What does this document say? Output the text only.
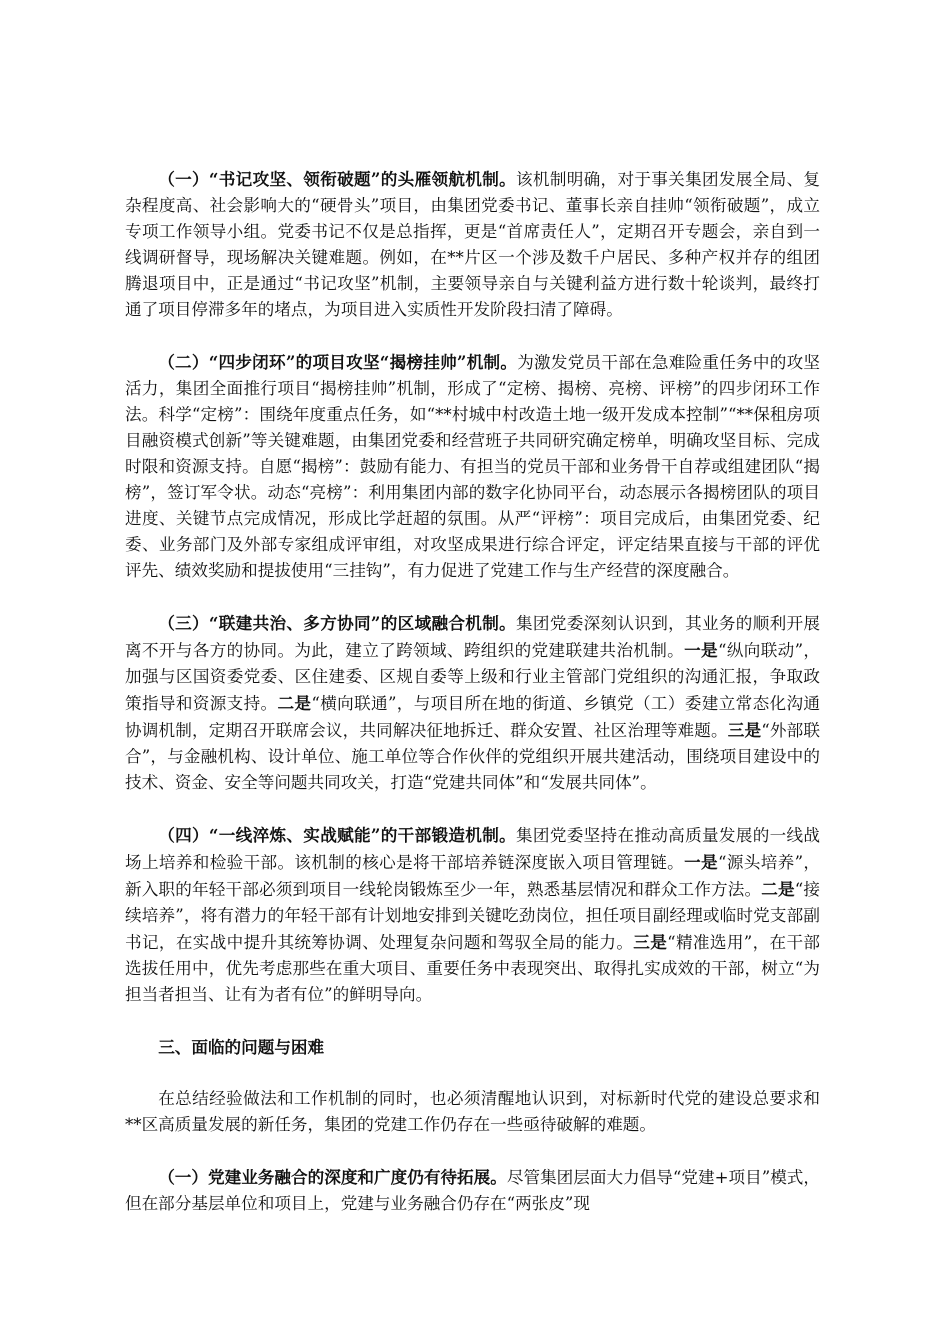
（一）“书记攻坚、领衔破题”的头雁领航机制。该机制明确，对于事关集团发展全局、复杂程度高、社会影响大的“硬骨头”项目，由集团党委书记、董事长亲自挂帅“领衔破题”，成立专项工作领导小组。党委书记不仅是总指挥，更是“首席责任人”，定期召开专题会，亲自到一线调研督导，现场解决关键难题。例如，在**片区一个涉及数千户居民、多种产权并存的组团腾退项目中，正是通过“书记攻坚”机制，主要领导亲自与关键利益方进行数十轮谈判，最终打通了项目停滞多年的堵点，为项目进入实质性开发阶段扫清了障碍。

（二）“四步闭环”的项目攻坚“揭榜挂帅”机制。为激发党员干部在急难险重任务中的攻坚活力，集团全面推行项目“揭榜挂帅”机制，形成了“定榜、揭榜、亮榜、评榜”的四步闭环工作法。科学“定榜”：围绕年度重点任务，如“**村城中村改造土地一级开发成本控制”“**保租房项目融资模式创新”等关键难题，由集团党委和经营班子共同研究确定榜单，明确攻坚目标、完成时限和资源支持。自愿“揭榜”：鼓励有能力、有担当的党员干部和业务骨干自荐或组建团队“揭榜”，签订军令状。动态“亮榜”：利用集团内部的数字化协同平台，动态展示各揭榜团队的项目进度、关键节点完成情况，形成比学赶超的氛围。从严“评榜”：项目完成后，由集团党委、纪委、业务部门及外部专家组成评审组，对攻坚成果进行综合评定，评定结果直接与干部的评优评先、绩效奖励和提拔使用“三挂钩”，有力促进了党建工作与生产经营的深度融合。

（三）“联建共治、多方协同”的区域融合机制。集团党委深刻认识到，其业务的顺利开展离不开与各方的协同。为此，建立了跨领域、跨组织的党建联建共治机制。一是“纵向联动”，加强与区国资委党委、区住建委、区规自委等上级和行业主管部门党组织的沟通汇报，争取政策指导和资源支持。二是“横向联通”，与项目所在地的街道、乡镇党（工）委建立常态化沟通协调机制，定期召开联席会议，共同解决征地拆迁、群众安置、社区治理等难题。三是“外部联合”，与金融机构、设计单位、施工单位等合作伙伴的党组织开展共建活动，围绕项目建设中的技术、资金、安全等问题共同攻关，打造“党建共同体”和“发展共同体”。

（四）“一线淬炼、实战赋能”的干部锻造机制。集团党委坚持在推动高质量发展的一线战场上培养和检验干部。该机制的核心是将干部培养链深度嵌入项目管理链。一是“源头培养”，新入职的年轻干部必须到项目一线轮岗锻炼至少一年，熟悉基层情况和群众工作方法。二是“接续培养”，将有潜力的年轻干部有计划地安排到关键吃劲岗位，担任项目副经理或临时党支部副书记，在实战中提升其统筹协调、处理复杂问题和驾驭全局的能力。三是“精准选用”，在干部选拔任用中，优先考虑那些在重大项目、重要任务中表现突出、取得扎实成效的干部，树立“为担当者担当、让有为者有位”的鲜明导向。

三、面临的问题与困难

在总结经验做法和工作机制的同时，也必须清醒地认识到，对标新时代党的建设总要求和**区高质量发展的新任务，集团的党建工作仍存在一些亟待破解的难题。

（一）党建业务融合的深度和广度仍有待拓展。尽管集团层面大力倡导“党建+项目”模式，但在部分基层单位和项目上，党建与业务融合仍存在“两张皮”现
